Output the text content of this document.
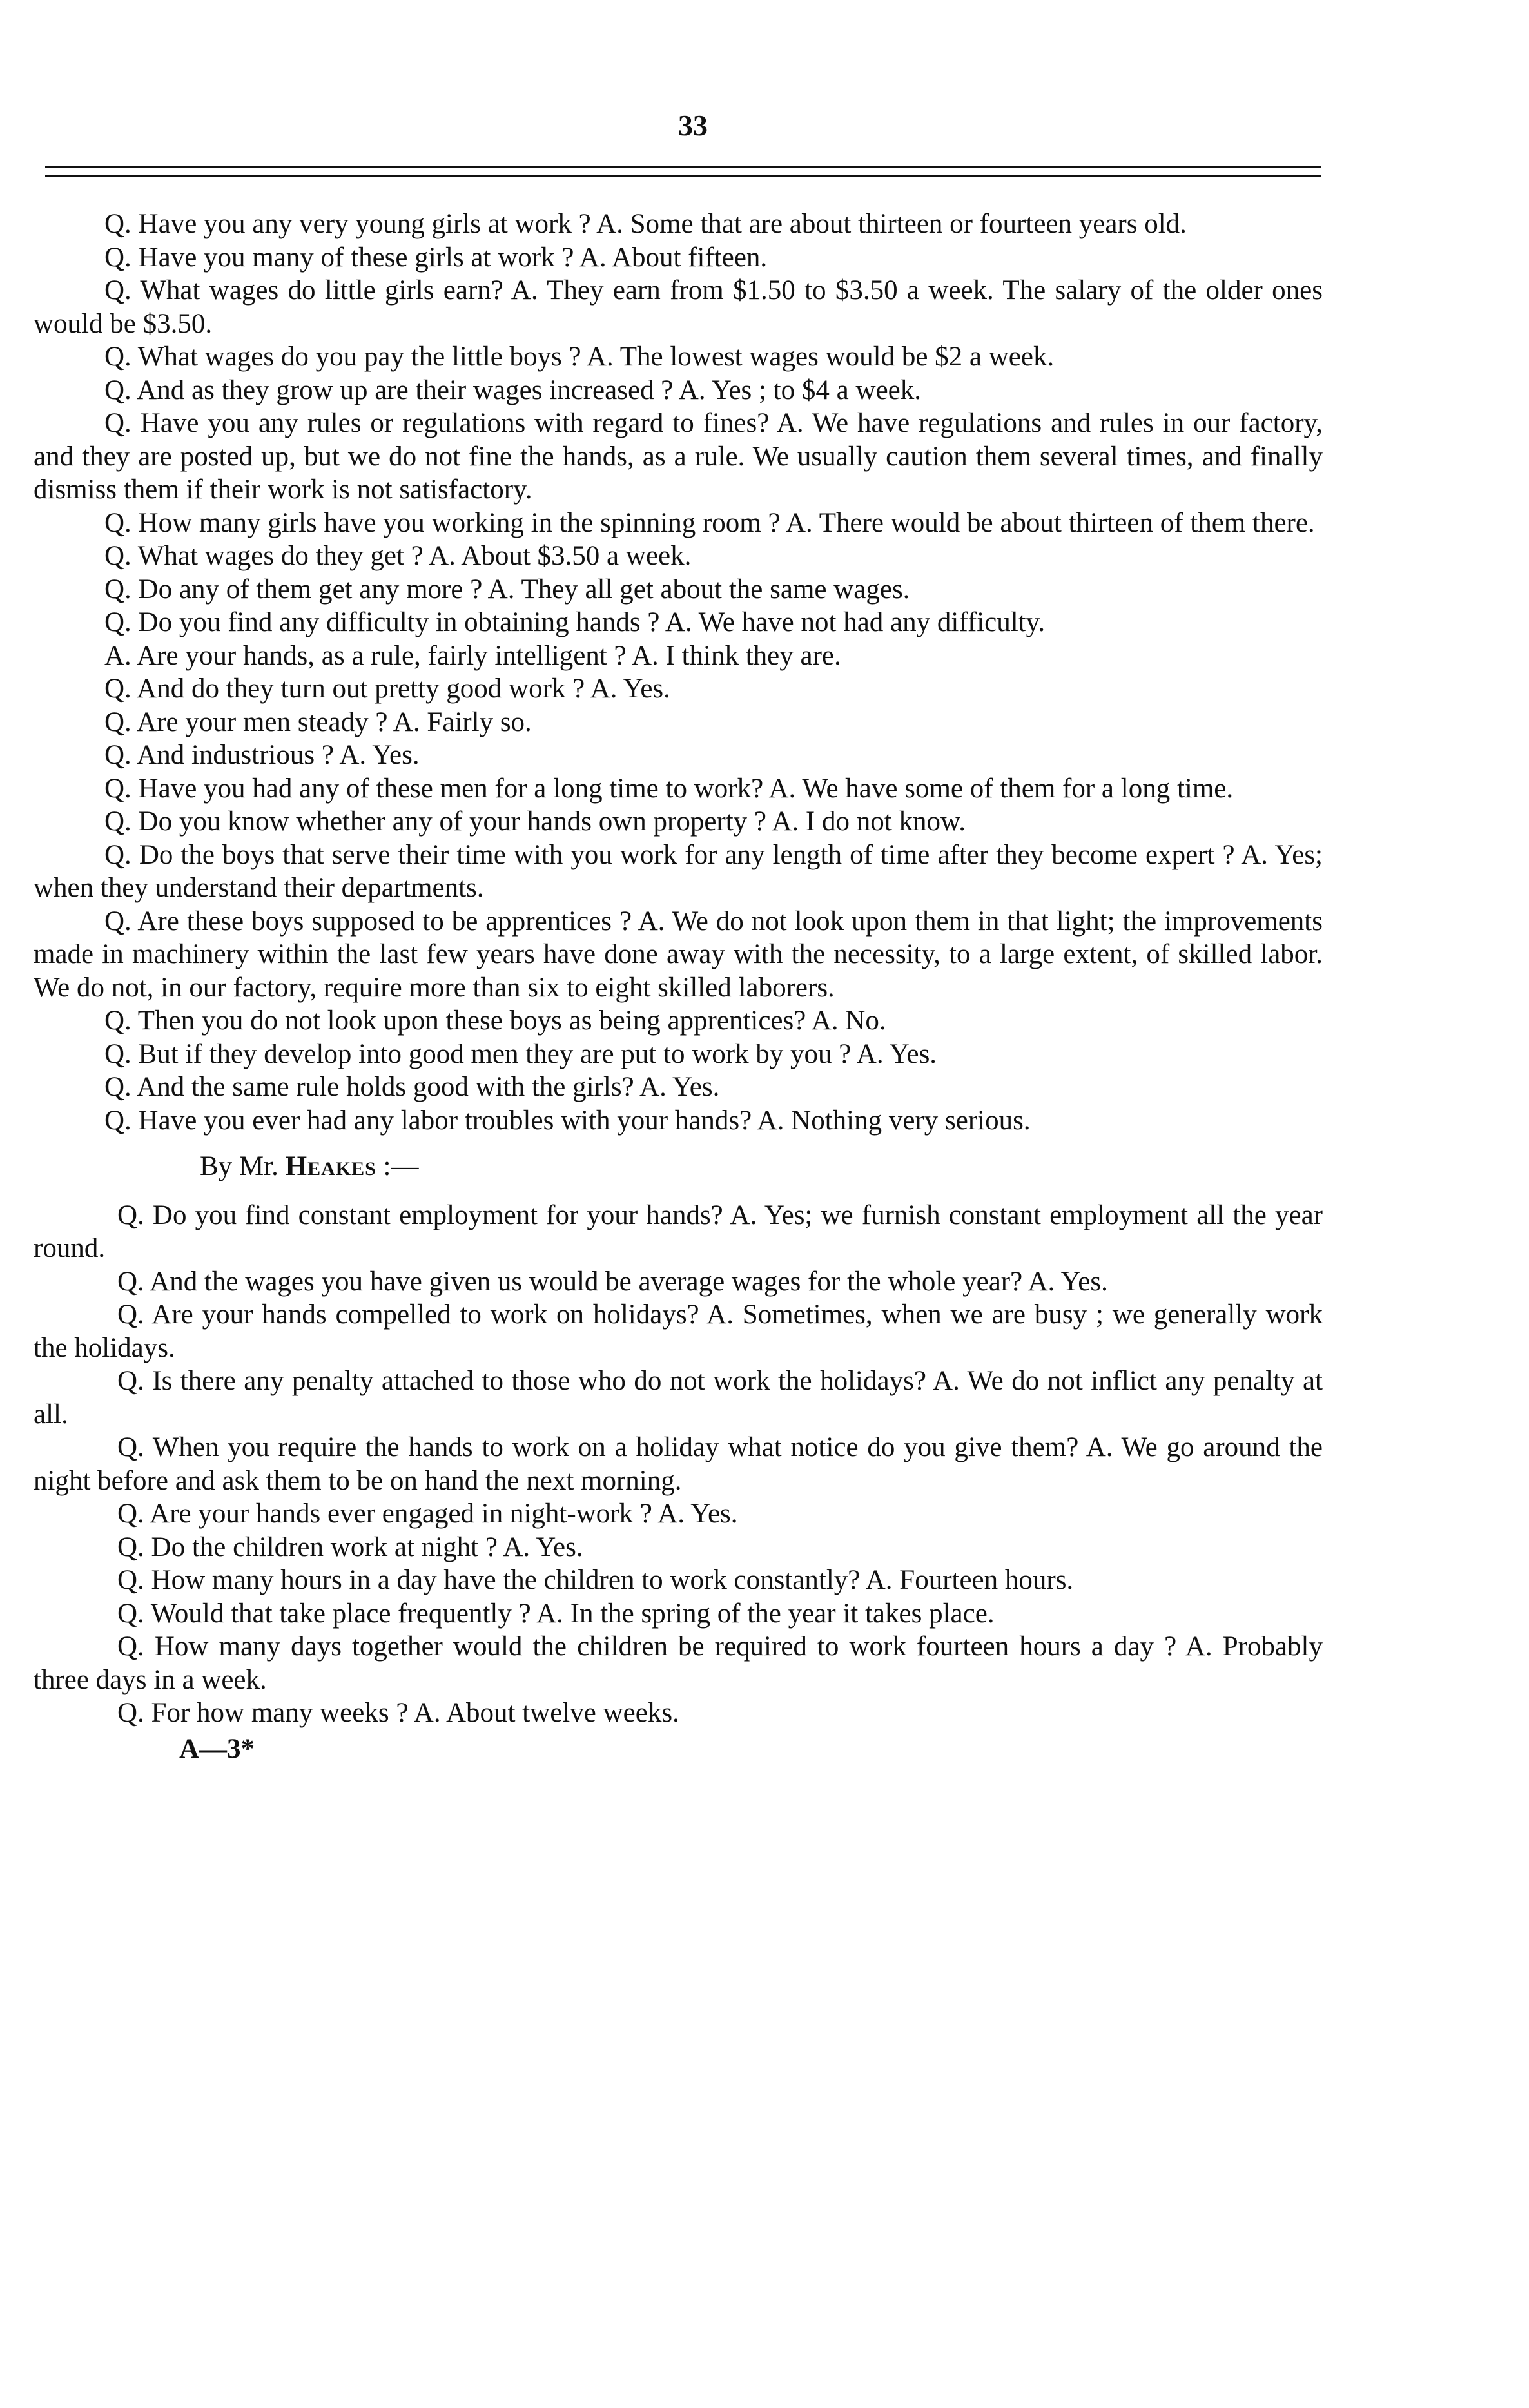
33

Q. Have you any very young girls at work ? A. Some that are about thirteen or fourteen years old.

Q. Have you many of these girls at work ? A. About fifteen.

Q. What wages do little girls earn? A. They earn from $1.50 to $3.50 a week. The salary of the older ones would be $3.50.

Q. What wages do you pay the little boys ? A. The lowest wages would be $2 a week.

Q. And as they grow up are their wages increased ? A. Yes ; to $4 a week.

Q. Have you any rules or regulations with regard to fines? A. We have regulations and rules in our factory, and they are posted up, but we do not fine the hands, as a rule. We usually caution them several times, and finally dismiss them if their work is not satisfactory.

Q. How many girls have you working in the spinning room ? A. There would be about thirteen of them there.

Q. What wages do they get ? A. About $3.50 a week.

Q. Do any of them get any more ? A. They all get about the same wages.

Q. Do you find any difficulty in obtaining hands ? A. We have not had any difficulty.

A. Are your hands, as a rule, fairly intelligent ? A. I think they are.

Q. And do they turn out pretty good work ? A. Yes.

Q. Are your men steady ? A. Fairly so.

Q. And industrious ? A. Yes.

Q. Have you had any of these men for a long time to work? A. We have some of them for a long time.

Q. Do you know whether any of your hands own property ? A. I do not know.

Q. Do the boys that serve their time with you work for any length of time after they become expert ? A. Yes; when they understand their departments.

Q. Are these boys supposed to be apprentices ? A. We do not look upon them in that light; the improvements made in machinery within the last few years have done away with the necessity, to a large extent, of skilled labor. We do not, in our factory, require more than six to eight skilled laborers.

Q. Then you do not look upon these boys as being apprentices? A. No.

Q. But if they develop into good men they are put to work by you ? A. Yes.

Q. And the same rule holds good with the girls? A. Yes.

Q. Have you ever had any labor troubles with your hands? A. Nothing very serious.

By Mr. Heakes :—

Q. Do you find constant employment for your hands? A. Yes; we furnish constant employment all the year round.

Q. And the wages you have given us would be average wages for the whole year? A. Yes.

Q. Are your hands compelled to work on holidays? A. Sometimes, when we are busy ; we generally work the holidays.

Q. Is there any penalty attached to those who do not work the holidays? A. We do not inflict any penalty at all.

Q. When you require the hands to work on a holiday what notice do you give them? A. We go around the night before and ask them to be on hand the next morning.

Q. Are your hands ever engaged in night-work ? A. Yes.

Q. Do the children work at night ? A. Yes.

Q. How many hours in a day have the children to work constantly? A. Fourteen hours.

Q. Would that take place frequently ? A. In the spring of the year it takes place.

Q. How many days together would the children be required to work fourteen hours a day ? A. Probably three days in a week.

Q. For how many weeks ? A. About twelve weeks.

A—3*
